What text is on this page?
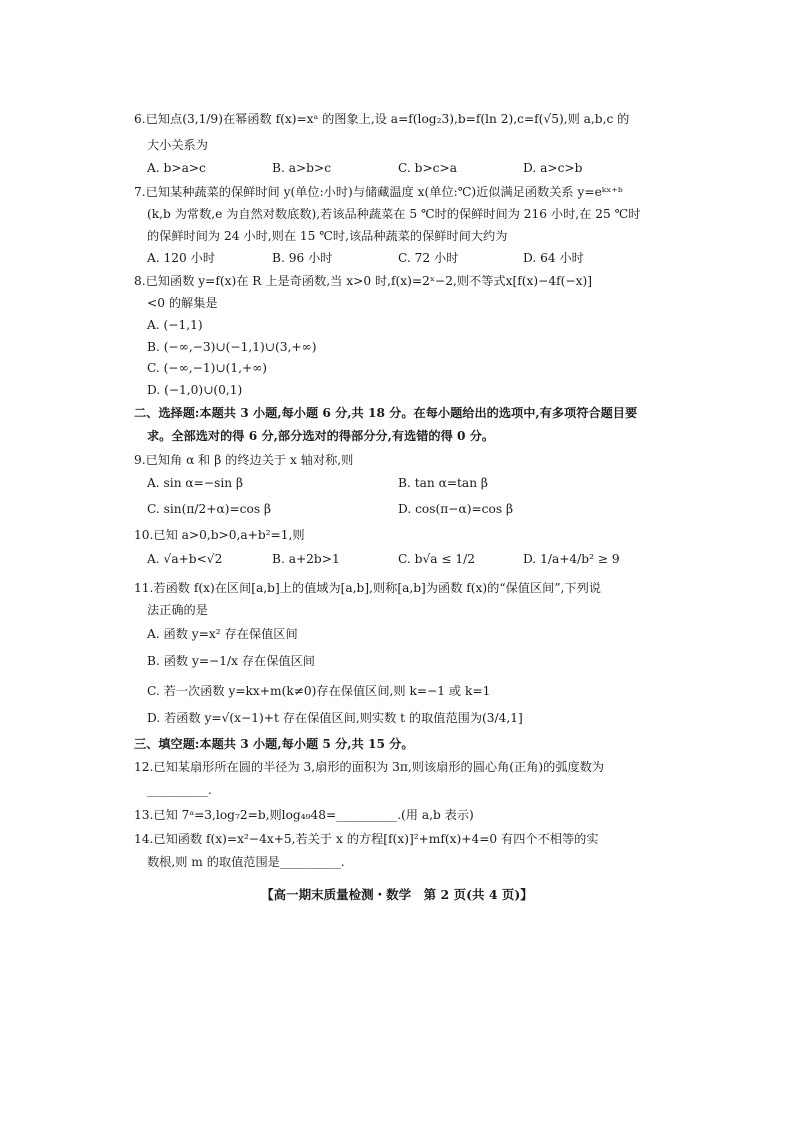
6.已知点(3,1/9)在幂函数 f(x)=xᵃ 的图象上,设 a=f(log₂3),b=f(ln 2),c=f(√5),则 a,b,c 的
大小关系为
A. b>a>c	B. a>b>c	C. b>c>a	D. a>c>b
7.已知某种蔬菜的保鲜时间 y(单位:小时)与储藏温度 x(单位:℃)近似满足函数关系 y=eᵏˣ⁺ᵇ
(k,b 为常数,e 为自然对数底数),若该品种蔬菜在 5 ℃时的保鲜时间为 216 小时,在 25 ℃时
的保鲜时间为 24 小时,则在 15 ℃时,该品种蔬菜的保鲜时间大约为
A. 120 小时	B. 96 小时	C. 72 小时	D. 64 小时
8.已知函数 y=f(x)在 R 上是奇函数,当 x>0 时,f(x)=2ˣ−2,则不等式x[f(x)−4f(−x)]
<0 的解集是
A. (−1,1)
B. (−∞,−3)∪(−1,1)∪(3,+∞)
C. (−∞,−1)∪(1,+∞)
D. (−1,0)∪(0,1)
二、选择题:本题共 3 小题,每小题 6 分,共 18 分。在每小题给出的选项中,有多项符合题目要
求。全部选对的得 6 分,部分选对的得部分分,有选错的得 0 分。
9.已知角 α 和 β 的终边关于 x 轴对称,则
A. sin α=−sin β	B. tan α=tan β
C. sin(π/2+α)=cos β	D. cos(π−α)=cos β
10.已知 a>0,b>0,a+b²=1,则
A. √a+b<√2	B. a+2b>1	C. b√a ≤ 1/2	D. 1/a+4/b² ≥ 9
11.若函数 f(x)在区间[a,b]上的值域为[a,b],则称[a,b]为函数 f(x)的“保值区间”,下列说
法正确的是
A. 函数 y=x² 存在保值区间
B. 函数 y=−1/x 存在保值区间
C. 若一次函数 y=kx+m(k≠0)存在保值区间,则 k=−1 或 k=1
D. 若函数 y=√(x−1)+t 存在保值区间,则实数 t 的取值范围为(3/4,1]
三、填空题:本题共 3 小题,每小题 5 分,共 15 分。
12.已知某扇形所在圆的半径为 3,扇形的面积为 3π,则该扇形的圆心角(正角)的弧度数为
__________.
13.已知 7ᵃ=3,log₇2=b,则log₄₉48=__________.(用 a,b 表示)
14.已知函数 f(x)=x²−4x+5,若关于 x 的方程[f(x)]²+mf(x)+4=0 有四个不相等的实
数根,则 m 的取值范围是__________.
【高一期末质量检测・数学　第 2 页(共 4 页)】
